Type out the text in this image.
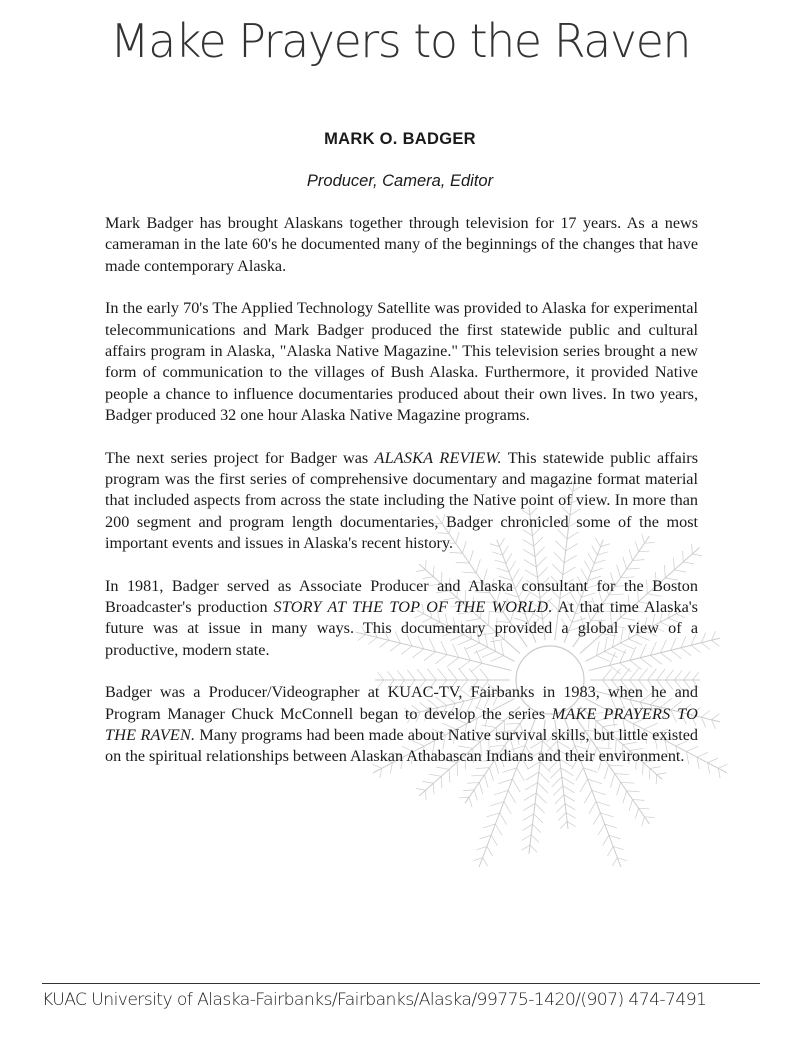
Make Prayers to the Raven
MARK O. BADGER
Producer, Camera, Editor

Mark Badger has brought Alaskans together through television for 17 years. As a news cameraman in the late 60's he documented many of the beginnings of the changes that have made contemporary Alaska.

In the early 70's The Applied Technology Satellite was provided to Alaska for experimental telecommunications and Mark Badger produced the first statewide public and cultural affairs program in Alaska, "Alaska Native Magazine." This television series brought a new form of communication to the villages of Bush Alaska. Furthermore, it provided Native people a chance to influence documentaries produced about their own lives. In two years, Badger produced 32 one hour Alaska Native Magazine programs.

The next series project for Badger was ALASKA REVIEW. This statewide public affairs program was the first series of comprehensive documentary and magazine format material that included aspects from across the state including the Native point of view. In more than 200 segment and program length documentaries, Badger chronicled some of the most important events and issues in Alaska's recent history.

In 1981, Badger served as Associate Producer and Alaska consultant for the Boston Broadcaster's production STORY AT THE TOP OF THE WORLD. At that time Alaska's future was at issue in many ways. This documentary provided a global view of a productive, modern state.

Badger was a Producer/Videographer at KUAC-TV, Fairbanks in 1983, when he and Program Manager Chuck McConnell began to develop the series MAKE PRAYERS TO THE RAVEN. Many programs had been made about Native survival skills, but little existed on the spiritual relationships between Alaskan Athabascan Indians and their environment.

KUAC University of Alaska-Fairbanks/Fairbanks/Alaska/99775-1420/(907) 474-7491
